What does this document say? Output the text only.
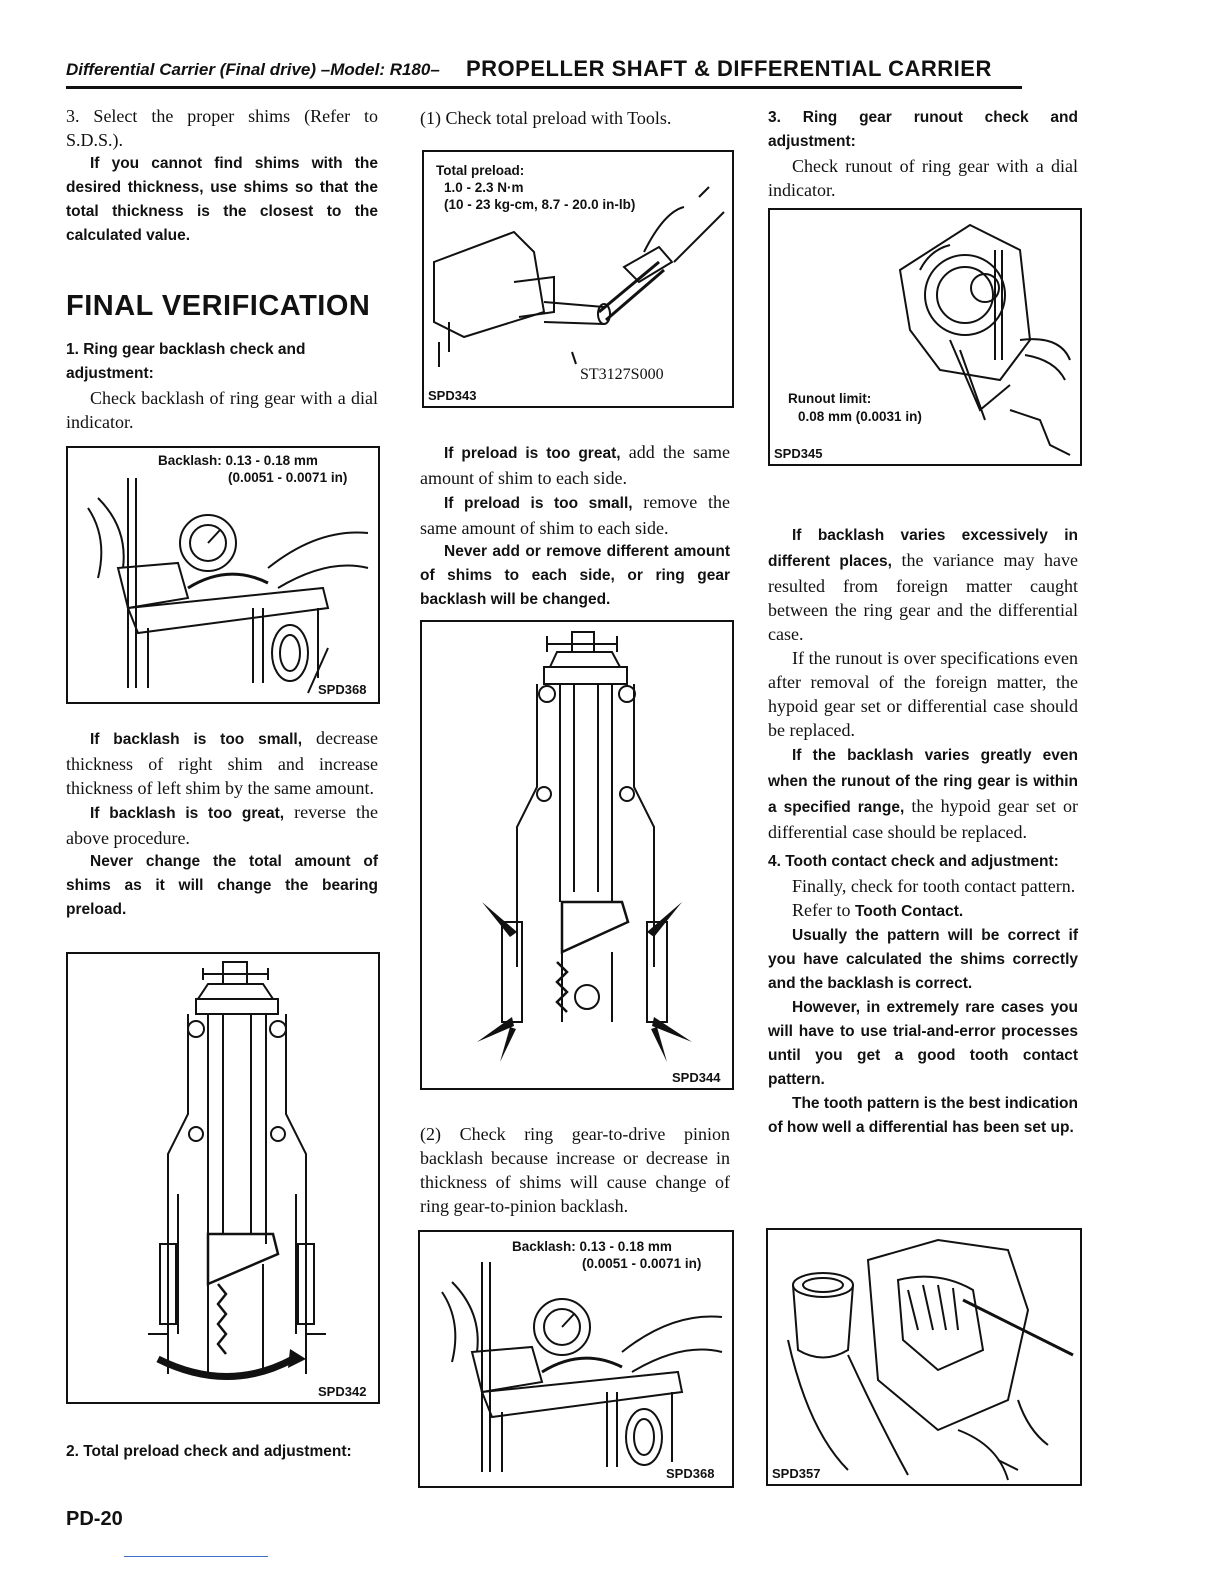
Differential Carrier (Final drive) –Model: R180– PROPELLER SHAFT & DIFFERENTIAL CARRIER

3. Select the proper shims (Refer to S.D.S.).

If you cannot find shims with the desired thickness, use shims so that the total thickness is the closest to the calculated value.

FINAL VERIFICATION

1. Ring gear backlash check and adjustment:

Check backlash of ring gear with a dial indicator.

Backlash: 0.13 - 0.18 mm
(0.0051 - 0.0071 in)
SPD368

If backlash is too small, decrease thickness of right shim and increase thickness of left shim by the same amount.

If backlash is too great, reverse the above procedure.

Never change the total amount of shims as it will change the bearing preload.

SPD342

2. Total preload check and adjustment:

(1) Check total preload with Tools.

Total preload:
1.0 - 2.3 N·m
(10 - 23 kg-cm, 8.7 - 20.0 in-lb)
ST3127S000
SPD343

If preload is too great, add the same amount of shim to each side.

If preload is too small, remove the same amount of shim to each side.

Never add or remove different amount of shims to each side, or ring gear backlash will be changed.

SPD344

(2) Check ring gear-to-drive pinion backlash because increase or decrease in thickness of shims will cause change of ring gear-to-pinion backlash.

Backlash: 0.13 - 0.18 mm
(0.0051 - 0.0071 in)
SPD368

3. Ring gear runout check and adjustment:

Check runout of ring gear with a dial indicator.

Runout limit:
0.08 mm (0.0031 in)
SPD345

If backlash varies excessively in different places, the variance may have resulted from foreign matter caught between the ring gear and the differential case.

If the runout is over specifications even after removal of the foreign matter, the hypoid gear set or differential case should be replaced.

If the backlash varies greatly even when the runout of the ring gear is within a specified range, the hypoid gear set or differential case should be replaced.

4. Tooth contact check and adjustment:

Finally, check for tooth contact pattern.

Refer to Tooth Contact.

Usually the pattern will be correct if you have calculated the shims correctly and the backlash is correct.

However, in extremely rare cases you will have to use trial-and-error processes until you get a good tooth contact pattern.

The tooth pattern is the best indication of how well a differential has been set up.

SPD357
PD-20
